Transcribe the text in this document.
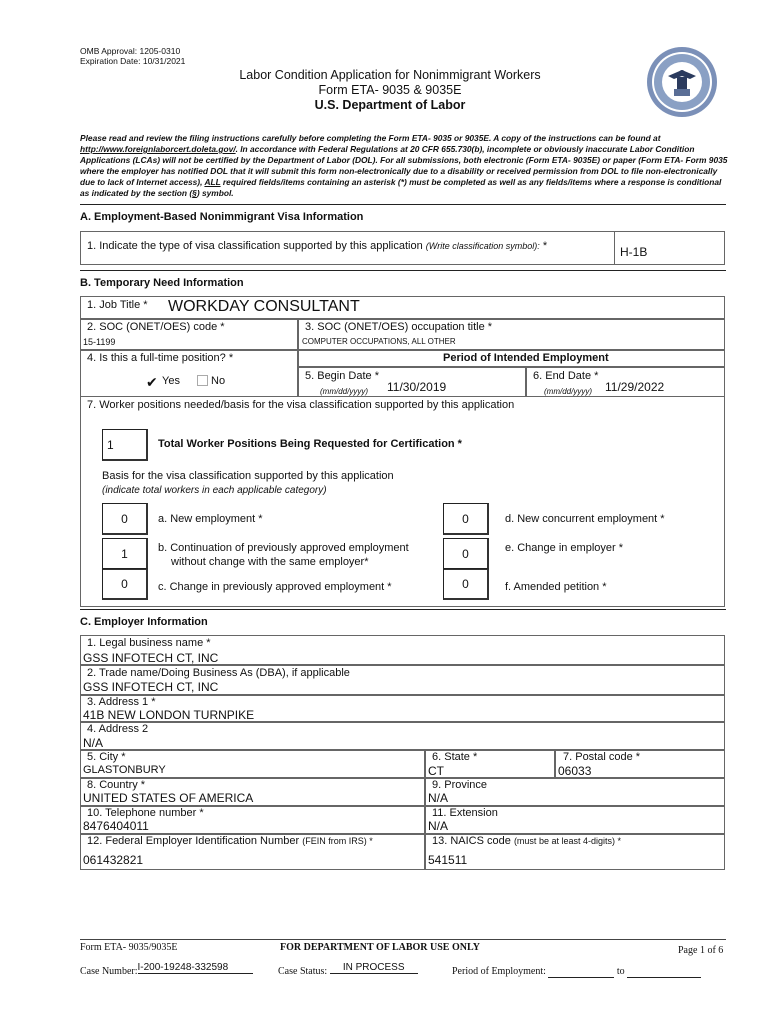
OMB Approval: 1205-0310
Expiration Date: 10/31/2021
Labor Condition Application for Nonimmigrant Workers
Form ETA- 9035 & 9035E
U.S. Department of Labor
Please read and review the filing instructions carefully before completing the Form ETA- 9035 or 9035E. A copy of the instructions can be found at http://www.foreignlaborcert.doleta.gov/. In accordance with Federal Regulations at 20 CFR 655.730(b), incomplete or obviously inaccurate Labor Condition Applications (LCAs) will not be certified by the Department of Labor (DOL). For all submissions, both electronic (Form ETA- 9035E) or paper (Form ETA- Form 9035 where the employer has notified DOL that it will submit this form non-electronically due to a disability or received permission from DOL to file non-electronically due to lack of Internet access), ALL required fields/items containing an asterisk (*) must be completed as well as any fields/items where a response is conditional as indicated by the section (§) symbol.
A. Employment-Based Nonimmigrant Visa Information
1. Indicate the type of visa classification supported by this application (Write classification symbol): *	H-1B
B. Temporary Need Information
1. Job Title * WORKDAY CONSULTANT
2. SOC (ONET/OES) code *
15-1199
3. SOC (ONET/OES) occupation title *
COMPUTER OCCUPATIONS, ALL OTHER
4. Is this a full-time position? *
✔ Yes	No
Period of Intended Employment
5. Begin Date *
(mm/dd/yyyy) 11/30/2019
6. End Date *
(mm/dd/yyyy) 11/29/2022
7. Worker positions needed/basis for the visa classification supported by this application
1	Total Worker Positions Being Requested for Certification *
Basis for the visa classification supported by this application
(indicate total workers in each applicable category)
0	a. New employment *
1	b. Continuation of previously approved employment
without change with the same employer*
0	c. Change in previously approved employment *
0	d. New concurrent employment *
0	e. Change in employer *
0	f. Amended petition *
C. Employer Information
1. Legal business name *
GSS INFOTECH CT, INC
2. Trade name/Doing Business As (DBA), if applicable
GSS INFOTECH CT, INC
3. Address 1 *
41B NEW LONDON TURNPIKE
4. Address 2
N/A
5. City *
GLASTONBURY
6. State *
CT
7. Postal code *
06033
8. Country *
UNITED STATES OF AMERICA
9. Province
N/A
10. Telephone number *
8476404011
11. Extension
N/A
12. Federal Employer Identification Number (FEIN from IRS) *
061432821
13. NAICS code (must be at least 4-digits) *
541511
Form ETA- 9035/9035E	FOR DEPARTMENT OF LABOR USE ONLY	Page 1 of 6
Case Number:I-200-19248-332598	Case Status: IN PROCESS	Period of Employment:	to
